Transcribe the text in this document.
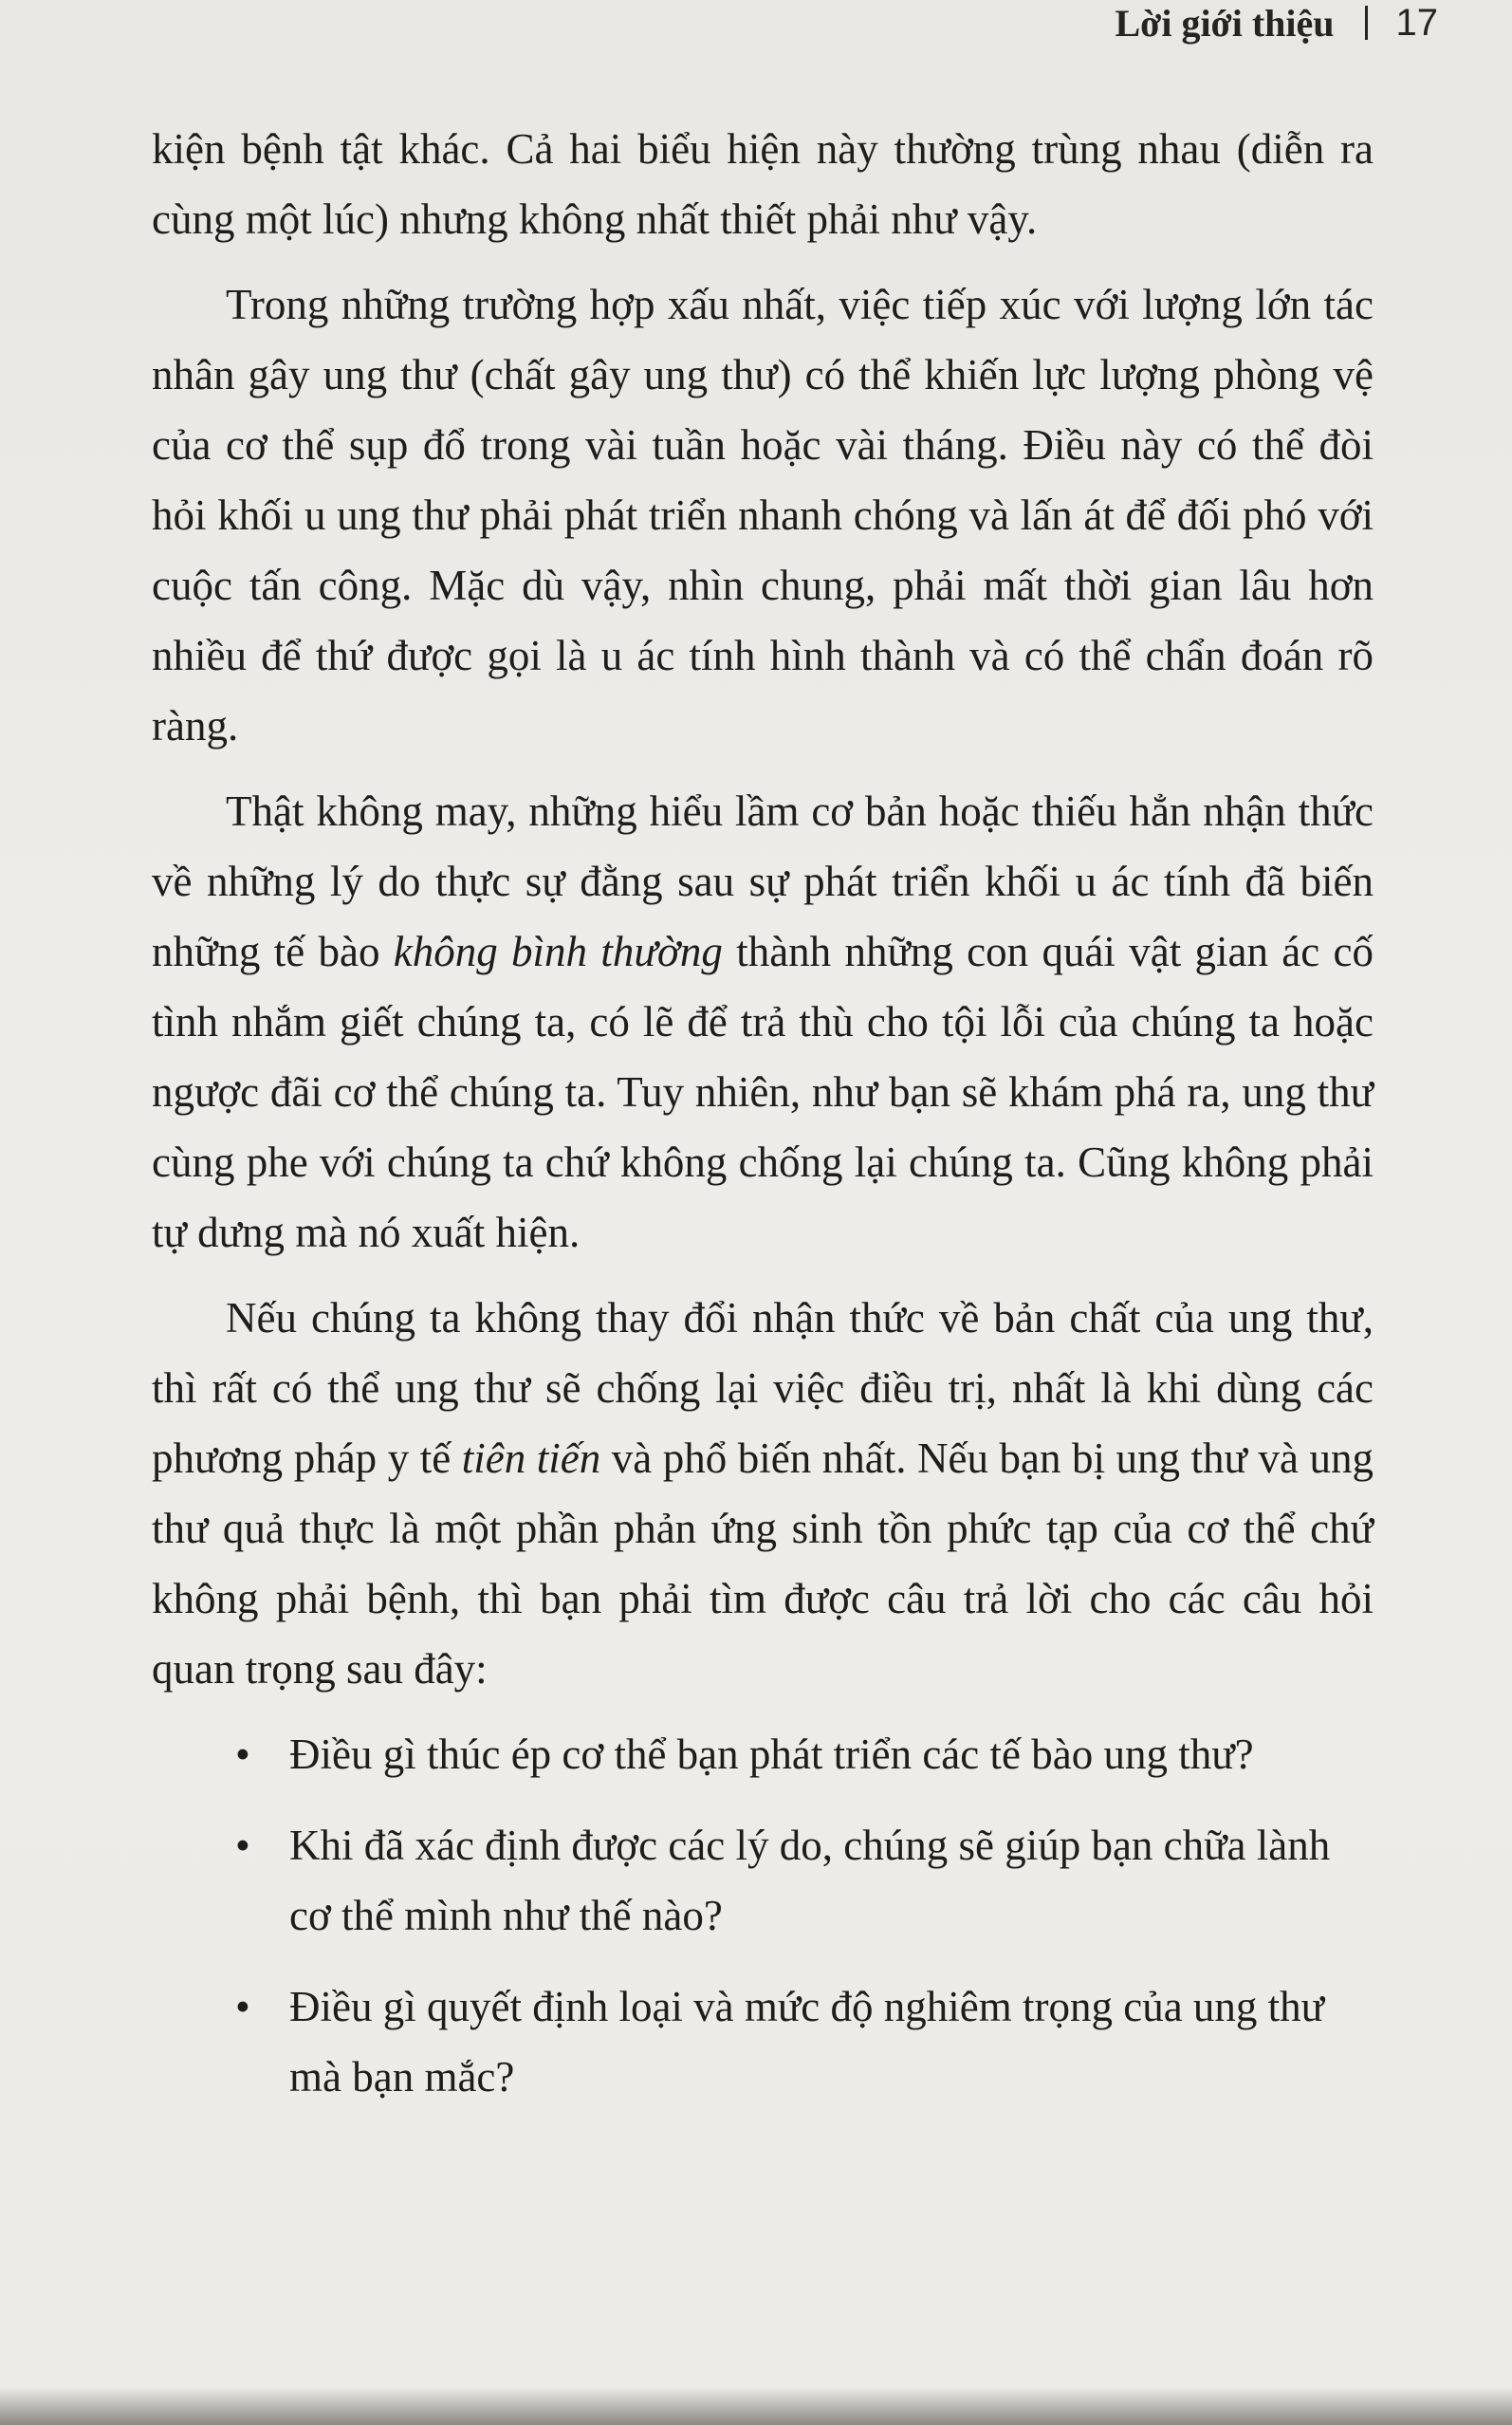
Lời giới thiệu 17

kiện bệnh tật khác. Cả hai biểu hiện này thường trùng nhau (diễn ra cùng một lúc) nhưng không nhất thiết phải như vậy.

Trong những trường hợp xấu nhất, việc tiếp xúc với lượng lớn tác nhân gây ung thư (chất gây ung thư) có thể khiến lực lượng phòng vệ của cơ thể sụp đổ trong vài tuần hoặc vài tháng. Điều này có thể đòi hỏi khối u ung thư phải phát triển nhanh chóng và lấn át để đối phó với cuộc tấn công. Mặc dù vậy, nhìn chung, phải mất thời gian lâu hơn nhiều để thứ được gọi là u ác tính hình thành và có thể chẩn đoán rõ ràng.

Thật không may, những hiểu lầm cơ bản hoặc thiếu hẳn nhận thức về những lý do thực sự đằng sau sự phát triển khối u ác tính đã biến những tế bào không bình thường thành những con quái vật gian ác cố tình nhắm giết chúng ta, có lẽ để trả thù cho tội lỗi của chúng ta hoặc ngược đãi cơ thể chúng ta. Tuy nhiên, như bạn sẽ khám phá ra, ung thư cùng phe với chúng ta chứ không chống lại chúng ta. Cũng không phải tự dưng mà nó xuất hiện.

Nếu chúng ta không thay đổi nhận thức về bản chất của ung thư, thì rất có thể ung thư sẽ chống lại việc điều trị, nhất là khi dùng các phương pháp y tế tiên tiến và phổ biến nhất. Nếu bạn bị ung thư và ung thư quả thực là một phần phản ứng sinh tồn phức tạp của cơ thể chứ không phải bệnh, thì bạn phải tìm được câu trả lời cho các câu hỏi quan trọng sau đây:

• Điều gì thúc ép cơ thể bạn phát triển các tế bào ung thư?
• Khi đã xác định được các lý do, chúng sẽ giúp bạn chữa lành cơ thể mình như thế nào?
• Điều gì quyết định loại và mức độ nghiêm trọng của ung thư mà bạn mắc?
